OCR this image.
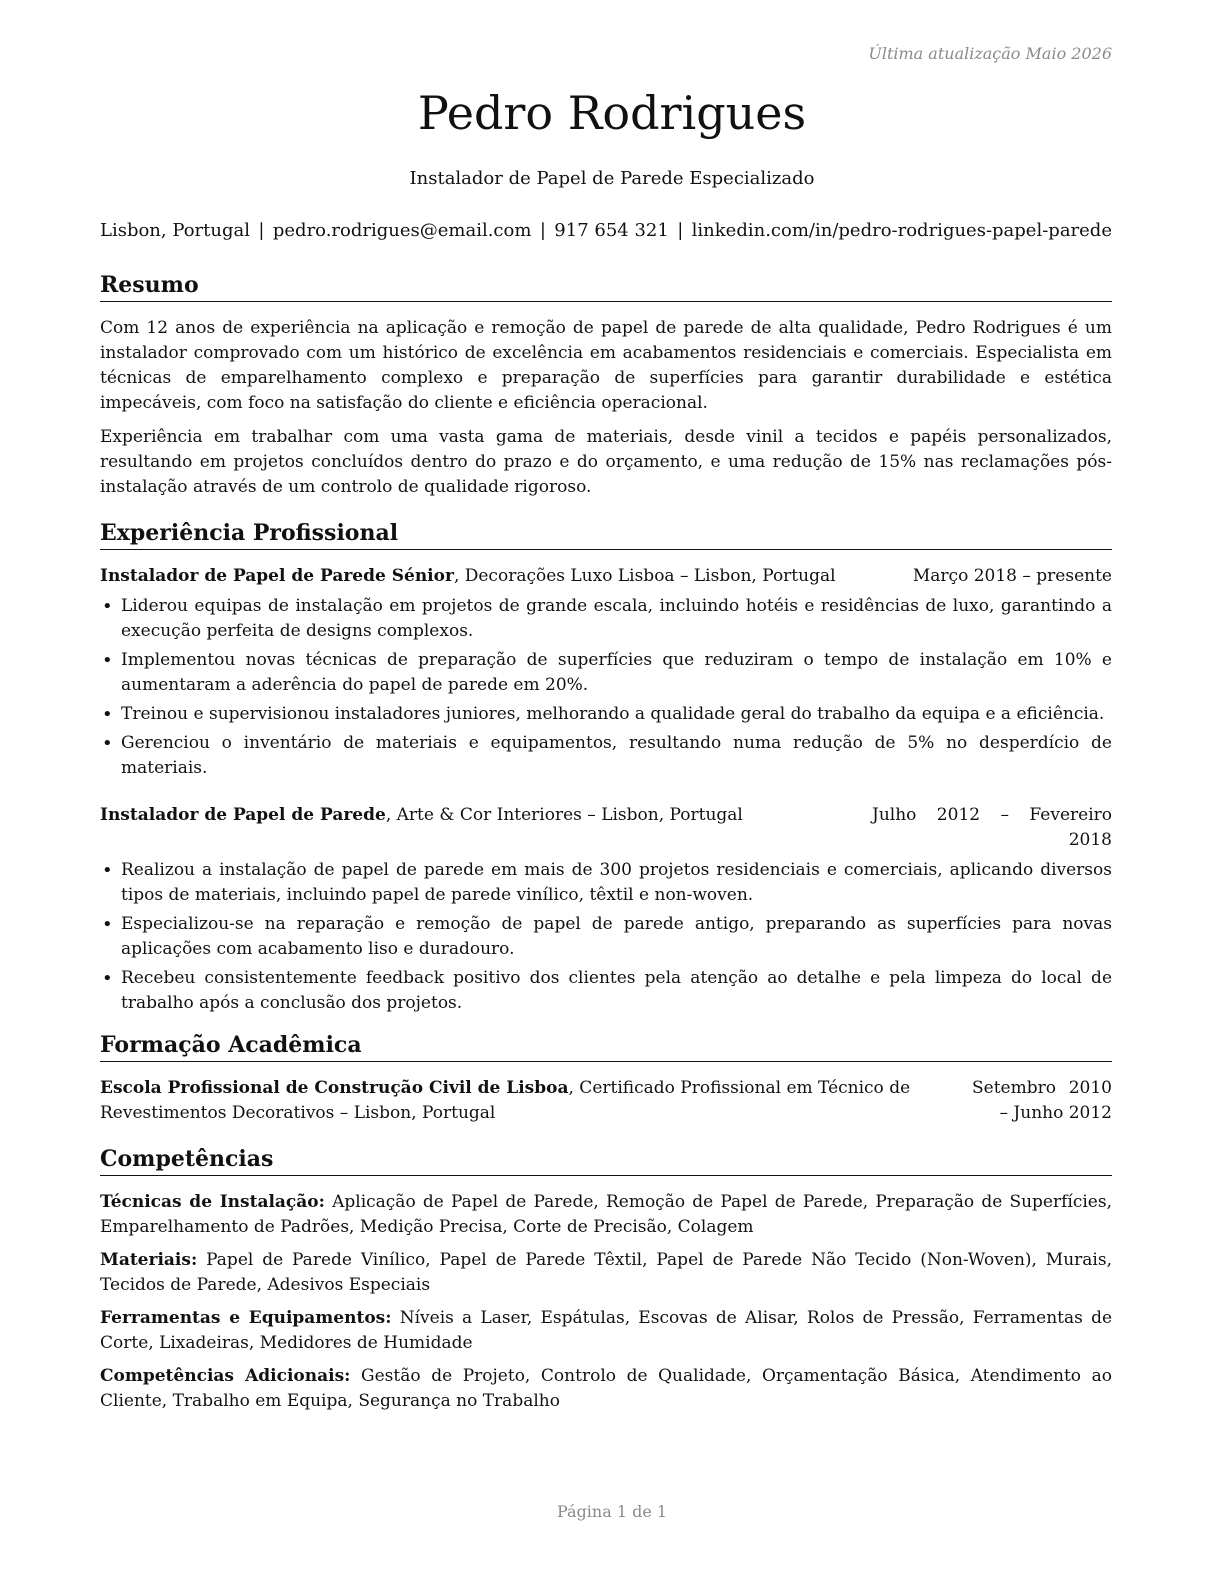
Última atualização Maio 2026
Pedro Rodrigues
Instalador de Papel de Parede Especializado
Lisbon, Portugal | pedro.rodrigues@email.com | 917 654 321 | linkedin.com/in/pedro-rodrigues-papel-parede
Resumo

Com 12 anos de experiência na aplicação e remoção de papel de parede de alta qualidade, Pedro Rodrigues é um instalador comprovado com um histórico de excelência em acabamentos residenciais e comerciais. Especialista em técnicas de emparelhamento complexo e preparação de superfícies para garantir durabilidade e estética impecáveis, com foco na satisfação do cliente e eficiência operacional.

Experiência em trabalhar com uma vasta gama de materiais, desde vinil a tecidos e papéis personalizados, resultando em projetos concluídos dentro do prazo e do orçamento, e uma redução de 15% nas reclamações pós-instalação através de um controlo de qualidade rigoroso.

Experiência Profissional
Instalador de Papel de Parede Sénior, Decorações Luxo Lisboa – Lisbon, Portugal	Março 2018 – presente
• Liderou equipas de instalação em projetos de grande escala, incluindo hotéis e residências de luxo, garantindo a execução perfeita de designs complexos.
• Implementou novas técnicas de preparação de superfícies que reduziram o tempo de instalação em 10% e aumentaram a aderência do papel de parede em 20%.
• Treinou e supervisionou instaladores juniores, melhorando a qualidade geral do trabalho da equipa e a eficiência.
• Gerenciou o inventário de materiais e equipamentos, resultando numa redução de 5% no desperdício de materiais.
Instalador de Papel de Parede, Arte & Cor Interiores – Lisbon, Portugal	Julho 2012 – Fevereiro 2018
• Realizou a instalação de papel de parede em mais de 300 projetos residenciais e comerciais, aplicando diversos tipos de materiais, incluindo papel de parede vinílico, têxtil e non-woven.
• Especializou-se na reparação e remoção de papel de parede antigo, preparando as superfícies para novas aplicações com acabamento liso e duradouro.
• Recebeu consistentemente feedback positivo dos clientes pela atenção ao detalhe e pela limpeza do local de trabalho após a conclusão dos projetos.
Formação Acadêmica
Escola Profissional de Construção Civil de Lisboa, Certificado Profissional em Técnico de Revestimentos Decorativos – Lisbon, Portugal
Setembro 2010 – Junho 2012
Competências

Técnicas de Instalação: Aplicação de Papel de Parede, Remoção de Papel de Parede, Preparação de Superfícies, Emparelhamento de Padrões, Medição Precisa, Corte de Precisão, Colagem

Materiais: Papel de Parede Vinílico, Papel de Parede Têxtil, Papel de Parede Não Tecido (Non-Woven), Murais, Tecidos de Parede, Adesivos Especiais

Ferramentas e Equipamentos: Níveis a Laser, Espátulas, Escovas de Alisar, Rolos de Pressão, Ferramentas de Corte, Lixadeiras, Medidores de Humidade

Competências Adicionais: Gestão de Projeto, Controlo de Qualidade, Orçamentação Básica, Atendimento ao Cliente, Trabalho em Equipa, Segurança no Trabalho

Página 1 de 1
